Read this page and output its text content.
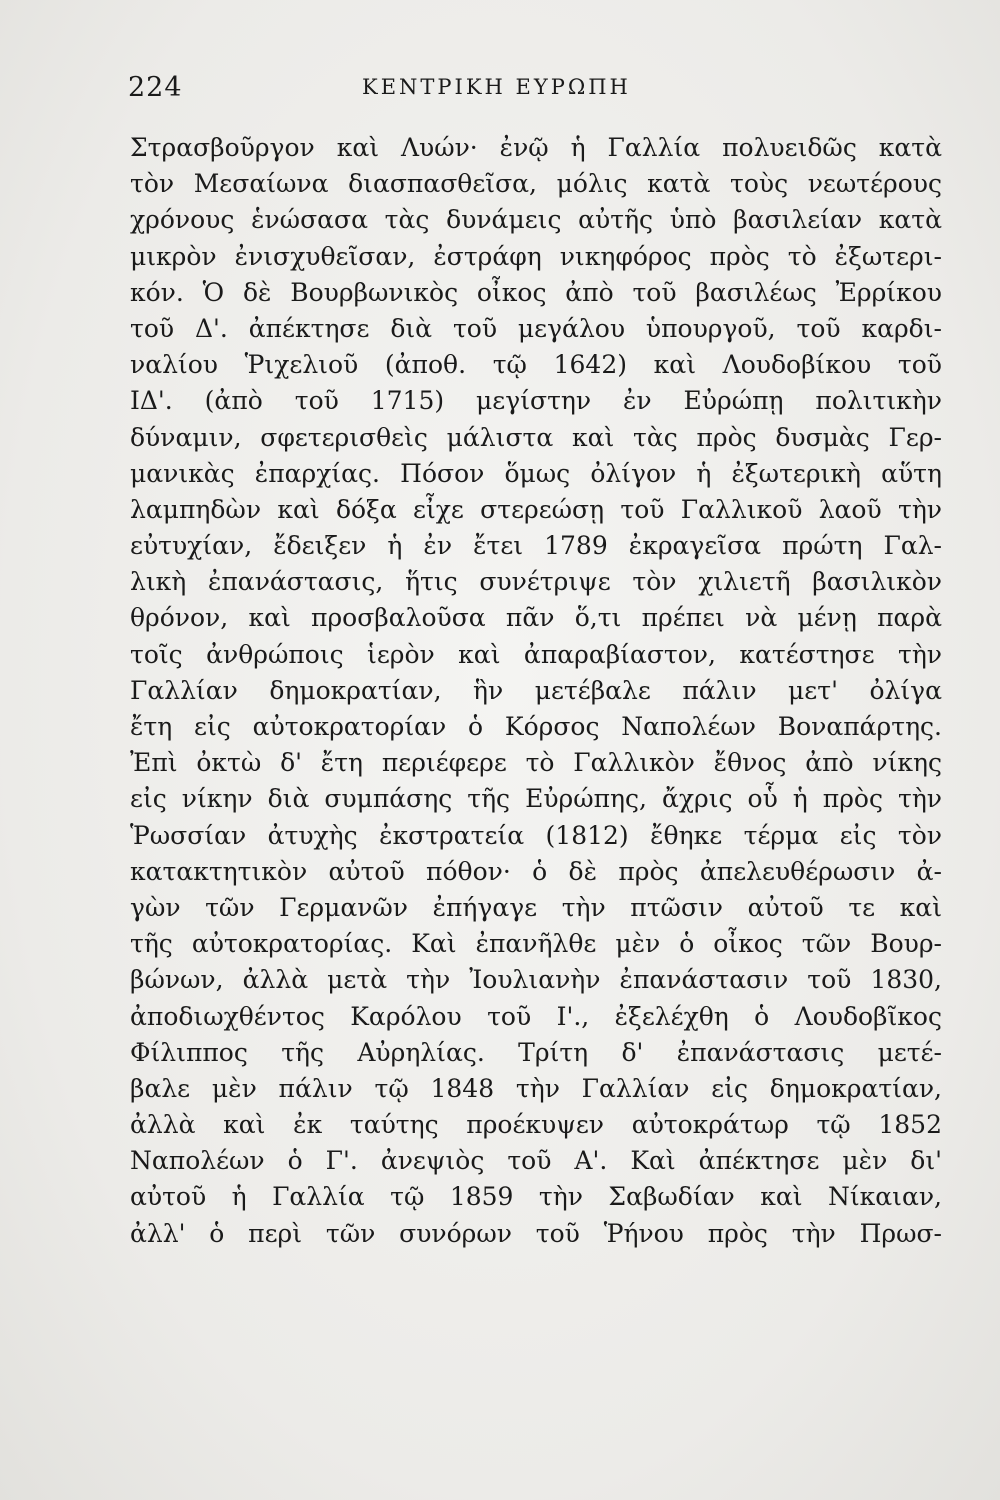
224	ΚΕΝΤΡΙΚΗ ΕΥΡΩΠΗ
Στρασβοῦργον καὶ Λυών· ἐνῷ ἡ Γαλλία πολυειδῶς κατὰ
τὸν Μεσαίωνα διασπασθεῖσα, μόλις κατὰ τοὺς νεωτέρους
χρόνους ἑνώσασα τὰς δυνάμεις αὐτῆς ὑπὸ βασιλείαν κατὰ
μικρὸν ἐνισχυθεῖσαν, ἐστράφη νικηφόρος πρὸς τὸ ἐξωτερι-
κόν. Ὁ δὲ Βουρβωνικὸς οἶκος ἀπὸ τοῦ βασιλέως Ἐρρίκου
τοῦ Δ'. ἀπέκτησε διὰ τοῦ μεγάλου ὑπουργοῦ, τοῦ καρδι-
ναλίου Ῥιχελιοῦ (ἀποθ. τῷ 1642) καὶ Λουδοβίκου τοῦ
ΙΔ'. (ἀπὸ τοῦ 1715) μεγίστην ἐν Εὐρώπῃ πολιτικὴν
δύναμιν, σφετερισθεὶς μάλιστα καὶ τὰς πρὸς δυσμὰς Γερ-
μανικὰς ἐπαρχίας. Πόσον ὅμως ὀλίγον ἡ ἐξωτερικὴ αὕτη
λαμπηδὼν καὶ δόξα εἶχε στερεώσῃ τοῦ Γαλλικοῦ λαοῦ τὴν
εὐτυχίαν, ἔδειξεν ἡ ἐν ἔτει 1789 ἐκραγεῖσα πρώτη Γαλ-
λικὴ ἐπανάστασις, ἥτις συνέτριψε τὸν χιλιετῆ βασιλικὸν
θρόνον, καὶ προσβαλοῦσα πᾶν ὅ,τι πρέπει νὰ μένῃ παρὰ
τοῖς ἀνθρώποις ἱερὸν καὶ ἀπαραβίαστον, κατέστησε τὴν
Γαλλίαν δημοκρατίαν, ἣν μετέβαλε πάλιν μετ' ὀλίγα
ἔτη εἰς αὐτοκρατορίαν ὁ Κόρσος Ναπολέων Βοναπάρτης.
Ἐπὶ ὀκτὼ δ' ἔτη περιέφερε τὸ Γαλλικὸν ἔθνος ἀπὸ νίκης
εἰς νίκην διὰ συμπάσης τῆς Εὐρώπης, ἄχρις οὗ ἡ πρὸς τὴν
Ῥωσσίαν ἀτυχὴς ἐκστρατεία (1812) ἔθηκε τέρμα εἰς τὸν
κατακτητικὸν αὐτοῦ πόθον· ὁ δὲ πρὸς ἀπελευθέρωσιν ἀ-
γὼν τῶν Γερμανῶν ἐπήγαγε τὴν πτῶσιν αὐτοῦ τε καὶ
τῆς αὐτοκρατορίας. Καὶ ἐπανῆλθε μὲν ὁ οἶκος τῶν Βουρ-
βώνων, ἀλλὰ μετὰ τὴν Ἰουλιανὴν ἐπανάστασιν τοῦ 1830,
ἀποδιωχθέντος Καρόλου τοῦ Ι'., ἐξελέχθη ὁ Λουδοβῖκος
Φίλιππος τῆς Αὐρηλίας. Τρίτη δ' ἐπανάστασις μετέ-
βαλε μὲν πάλιν τῷ 1848 τὴν Γαλλίαν εἰς δημοκρατίαν,
ἀλλὰ καὶ ἐκ ταύτης προέκυψεν αὐτοκράτωρ τῷ 1852
Ναπολέων ὁ Γ'. ἀνεψιὸς τοῦ Α'. Καὶ ἀπέκτησε μὲν δι'
αὐτοῦ ἡ Γαλλία τῷ 1859 τὴν Σαβωδίαν καὶ Νίκαιαν,
ἀλλ' ὁ περὶ τῶν συνόρων τοῦ Ῥήνου πρὸς τὴν Πρωσ-
